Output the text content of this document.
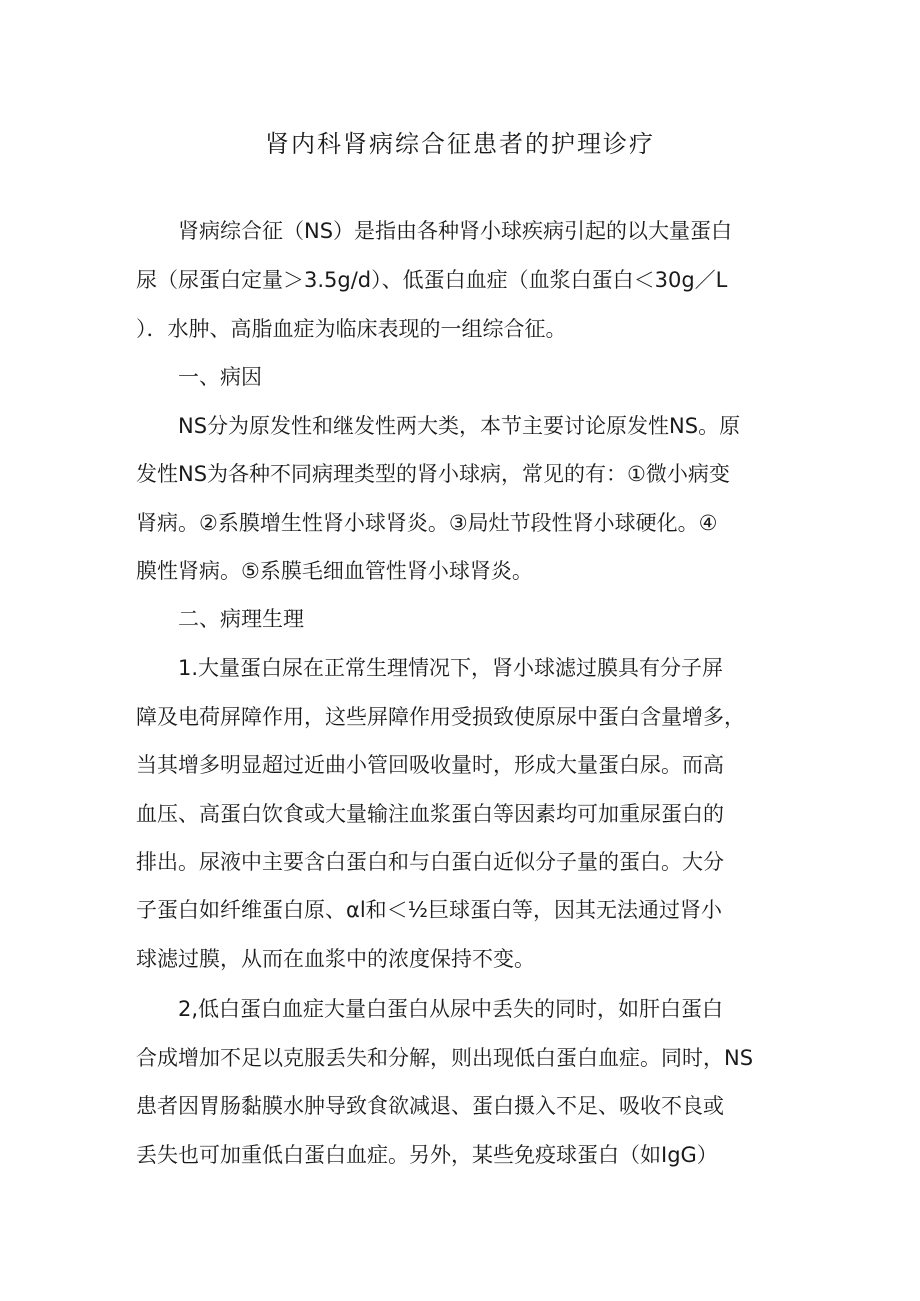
肾内科肾病综合征患者的护理诊疗
肾病综合征（NS）是指由各种肾小球疾病引起的以大量蛋白
尿（尿蛋白定量＞3.5g/d）、低蛋白血症（血浆白蛋白＜30g／L
）．水肿、高脂血症为临床表现的一组综合征。
一、病因
NS分为原发性和继发性两大类，本节主要讨论原发性NS。原
发性NS为各种不同病理类型的肾小球病，常见的有：①微小病变
肾病。②系膜增生性肾小球肾炎。③局灶节段性肾小球硬化。④
膜性肾病。⑤系膜毛细血管性肾小球肾炎。
二、病理生理
1.大量蛋白尿在正常生理情况下，肾小球滤过膜具有分子屏
障及电荷屏障作用，这些屏障作用受损致使原尿中蛋白含量增多，
当其增多明显超过近曲小管回吸收量时，形成大量蛋白尿。而高
血压、高蛋白饮食或大量输注血浆蛋白等因素均可加重尿蛋白的
排出。尿液中主要含白蛋白和与白蛋白近似分子量的蛋白。大分
子蛋白如纤维蛋白原、αl和＜½巨球蛋白等，因其无法通过肾小
球滤过膜，从而在血浆中的浓度保持不变。
2,低白蛋白血症大量白蛋白从尿中丢失的同时，如肝白蛋白
合成增加不足以克服丢失和分解，则出现低白蛋白血症。同时，NS
患者因胃肠黏膜水肿导致食欲减退、蛋白摄入不足、吸收不良或
丢失也可加重低白蛋白血症。另外，某些免疫球蛋白（如IgG）
